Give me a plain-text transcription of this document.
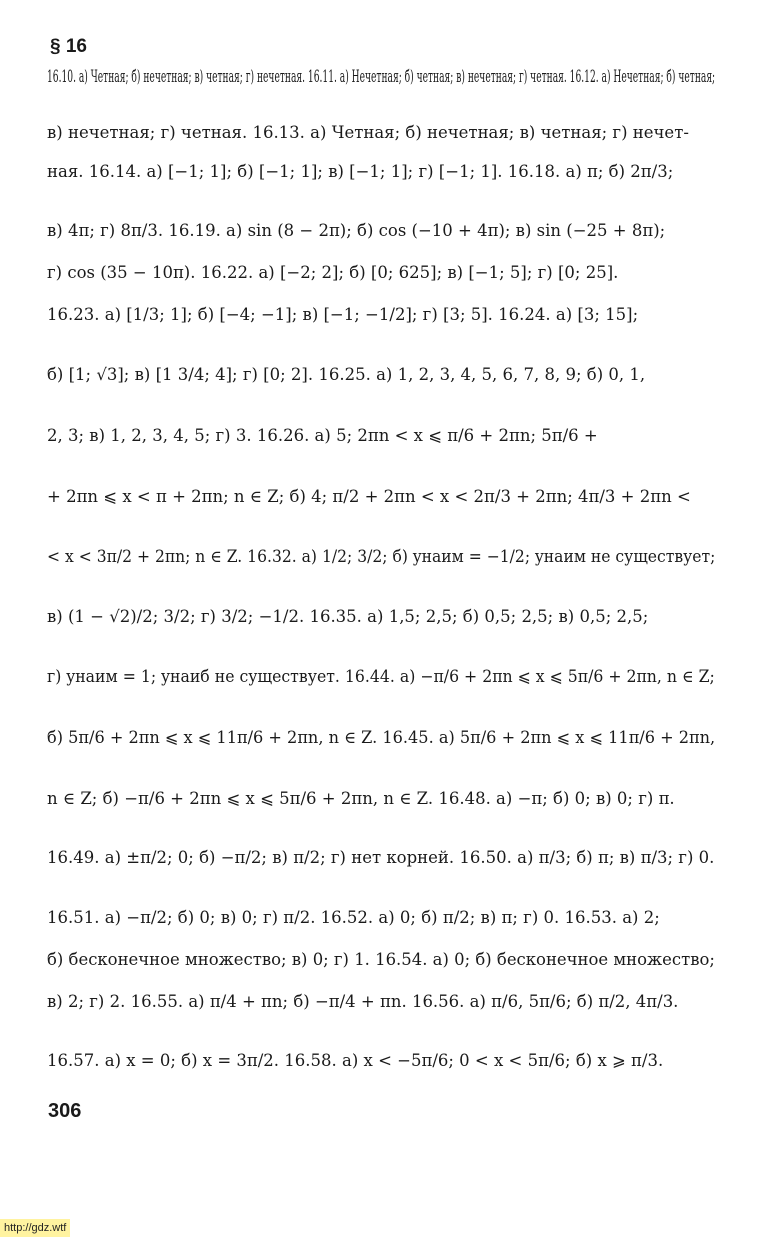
§ 16
16.10. а) Четная; б) нечетная; в) четная; г) нечетная. 16.11. а) Нечетная; б) четная; в) нечетная; г) четная. 16.12. а) Нечетная; б) четная;
в) нечетная; г) четная. 16.13. а) Четная; б) нечетная; в) четная; г) нечет-
ная. 16.14. а) [−1; 1]; б) [−1; 1]; в) [−1; 1]; г) [−1; 1]. 16.18. а) π; б) 2π/3;
в) 4π; г) 8π/3. 16.19. а) sin (8 − 2π); б) cos (−10 + 4π); в) sin (−25 + 8π);
г) cos (35 − 10π). 16.22. а) [−2; 2]; б) [0; 625]; в) [−1; 5]; г) [0; 25].
16.23. а) [1/3; 1]; б) [−4; −1]; в) [−1; −1/2]; г) [3; 5]. 16.24. а) [3; 15];
б) [1; √3]; в) [1 3/4; 4]; г) [0; 2]. 16.25. а) 1, 2, 3, 4, 5, 6, 7, 8, 9; б) 0, 1,
2, 3; в) 1, 2, 3, 4, 5; г) 3. 16.26. а) 5; 2πn < x ⩽ π/6 + 2πn; 5π/6 +
+ 2πn ⩽ x < π + 2πn; n ∈ Z; б) 4; π/2 + 2πn < x < 2π/3 + 2πn; 4π/3 + 2πn <
< x < 3π/2 + 2πn; n ∈ Z. 16.32. а) 1/2; 3/2; б) yнаим = −1/2; yнаим не существует;
в) (1 − √2)/2; 3/2; г) 3/2; −1/2. 16.35. а) 1,5; 2,5; б) 0,5; 2,5; в) 0,5; 2,5;
г) yнаим = 1; yнаиб не существует. 16.44. а) −π/6 + 2πn ⩽ x ⩽ 5π/6 + 2πn, n ∈ Z;
б) 5π/6 + 2πn ⩽ x ⩽ 11π/6 + 2πn, n ∈ Z. 16.45. а) 5π/6 + 2πn ⩽ x ⩽ 11π/6 + 2πn,
n ∈ Z; б) −π/6 + 2πn ⩽ x ⩽ 5π/6 + 2πn, n ∈ Z. 16.48. а) −π; б) 0; в) 0; г) π.
16.49. а) ±π/2; 0; б) −π/2; в) π/2; г) нет корней. 16.50. а) π/3; б) π; в) π/3; г) 0.
16.51. а) −π/2; б) 0; в) 0; г) π/2. 16.52. а) 0; б) π/2; в) π; г) 0. 16.53. а) 2;
б) бесконечное множество; в) 0; г) 1. 16.54. а) 0; б) бесконечное множество;
в) 2; г) 2. 16.55. а) π/4 + πn; б) −π/4 + πn. 16.56. а) π/6, 5π/6; б) π/2, 4π/3.
16.57. а) x = 0; б) x = 3π/2. 16.58. а) x < −5π/6; 0 < x < 5π/6; б) x ⩾ π/3.
306
http://gdz.wtf
